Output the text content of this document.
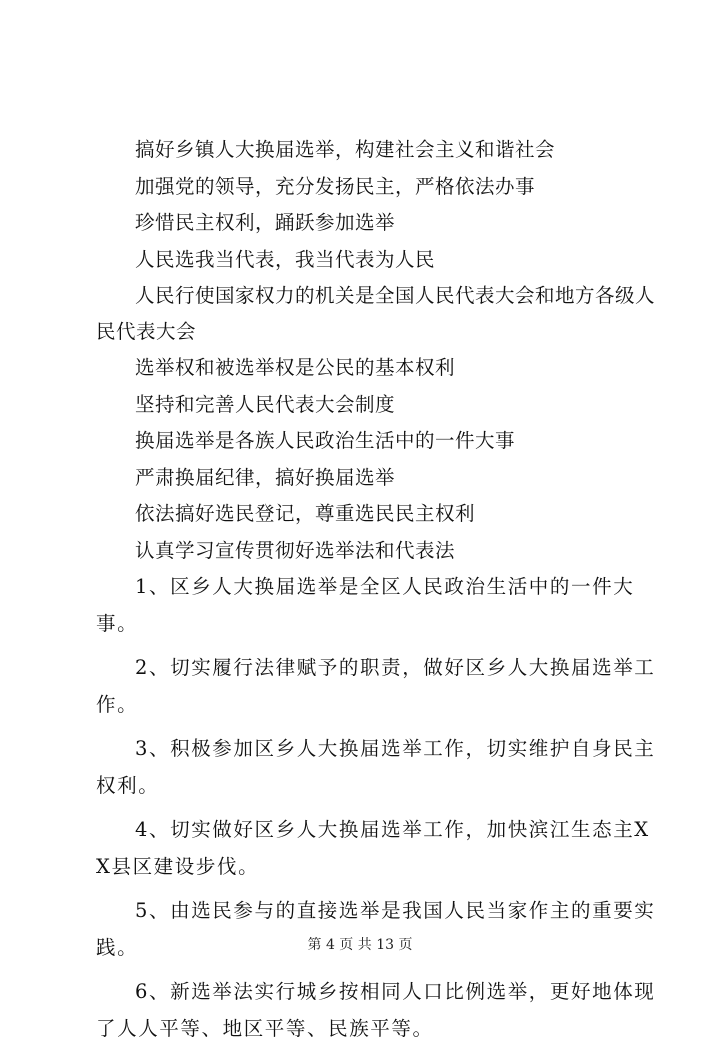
搞好乡镇人大换届选举，构建社会主义和谐社会

加强党的领导，充分发扬民主，严格依法办事

珍惜民主权利，踊跃参加选举

人民选我当代表，我当代表为人民

人民行使国家权力的机关是全国人民代表大会和地方各级人民代表大会

选举权和被选举权是公民的基本权利

坚持和完善人民代表大会制度

换届选举是各族人民政治生活中的一件大事

严肃换届纪律，搞好换届选举

依法搞好选民登记，尊重选民民主权利

认真学习宣传贯彻好选举法和代表法

1、区乡人大换届选举是全区人民政治生活中的一件大事。

2、切实履行法律赋予的职责，做好区乡人大换届选举工作。

3、积极参加区乡人大换届选举工作，切实维护自身民主权利。

4、切实做好区乡人大换届选举工作，加快滨江生态主XX县区建设步伐。

5、由选民参与的直接选举是我国人民当家作主的重要实践。

6、新选举法实行城乡按相同人口比例选举，更好地体现了人人平等、地区平等、民族平等。

第 4 页 共 13 页
